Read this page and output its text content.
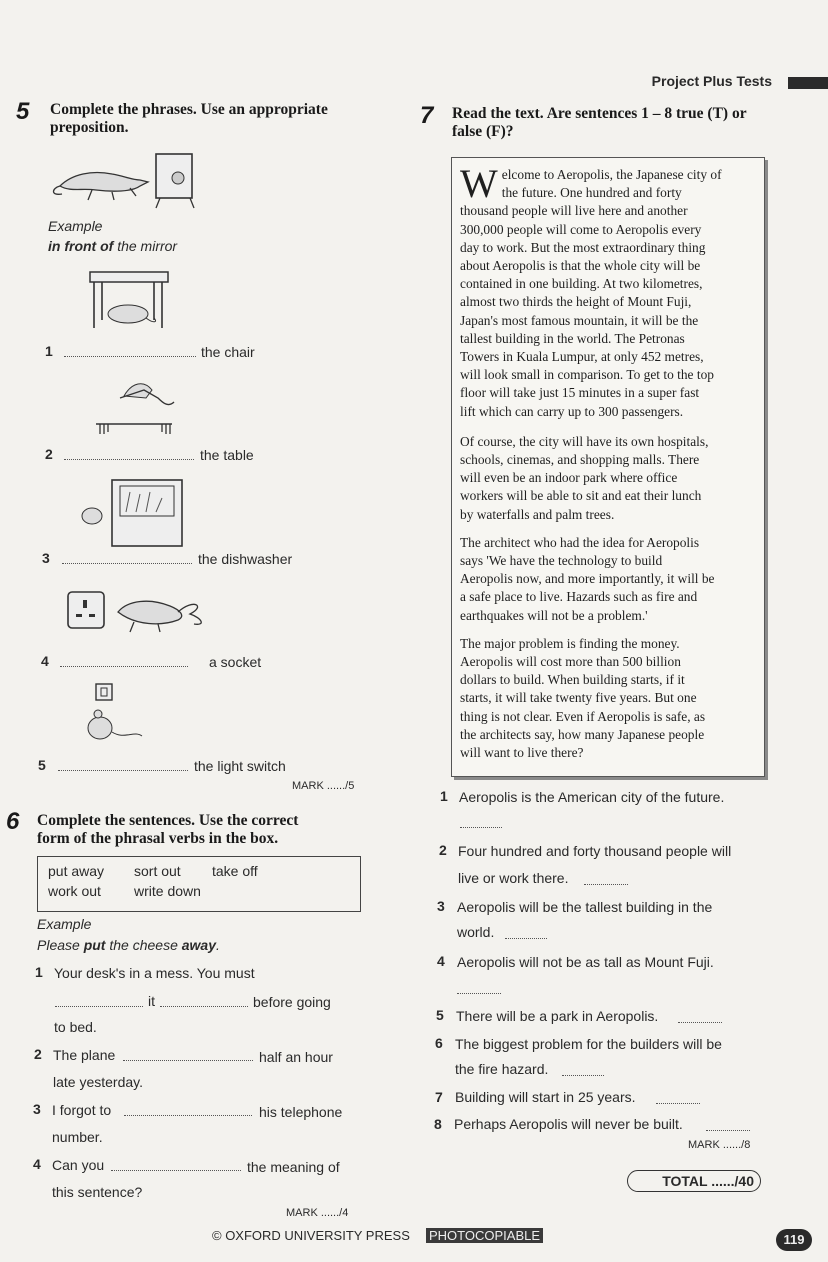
Project Plus Tests
5 Complete the phrases. Use an appropriate
preposition.
Example
in front of the mirror
1	the chair
2	the table
3	the dishwasher
4	a socket
5	the light switch
MARK ....../5
6 Complete the sentences. Use the correct
form of the phrasal verbs in the box.
put away sort out take off
work out write down
Example
Please put the cheese away.
1 Your desk's in a mess. You must
it	before going
to bed.
2 The plane	half an hour
late yesterday.
3 I forgot to	his telephone
number.
4 Can you	the meaning of
this sentence?
MARK ....../4
7 Read the text. Are sentences 1 – 8 true (T) or
false (F)?
W elcome to Aeropolis, the Japanese city of
the future. One hundred and forty
thousand people will live here and another
300,000 people will come to Aeropolis every
day to work. But the most extraordinary thing
about Aeropolis is that the whole city will be
contained in one building. At two kilometres,
almost two thirds the height of Mount Fuji,
Japan's most famous mountain, it will be the
tallest building in the world. The Petronas
Towers in Kuala Lumpur, at only 452 metres,
will look small in comparison. To get to the top
floor will take just 15 minutes in a super fast
lift which can carry up to 300 passengers.
Of course, the city will have its own hospitals,
schools, cinemas, and shopping malls. There
will even be an indoor park where office
workers will be able to sit and eat their lunch
by waterfalls and palm trees.
The architect who had the idea for Aeropolis
says 'We have the technology to build
Aeropolis now, and more importantly, it will be
a safe place to live. Hazards such as fire and
earthquakes will not be a problem.'
The major problem is finding the money.
Aeropolis will cost more than 500 billion
dollars to build. When building starts, if it
starts, it will take twenty five years. But one
thing is not clear. Even if Aeropolis is safe, as
the architects say, how many Japanese people
will want to live there?
1 Aeropolis is the American city of the future.
2 Four hundred and forty thousand people will
live or work there.
3 Aeropolis will be the tallest building in the
world.
4 Aeropolis will not be as tall as Mount Fuji.
5 There will be a park in Aeropolis.
6 The biggest problem for the builders will be
the fire hazard.
7 Building will start in 25 years.
8 Perhaps Aeropolis will never be built.
MARK ....../8
TOTAL ....../40
© OXFORD UNIVERSITY PRESS PHOTOCOPIABLE	119
